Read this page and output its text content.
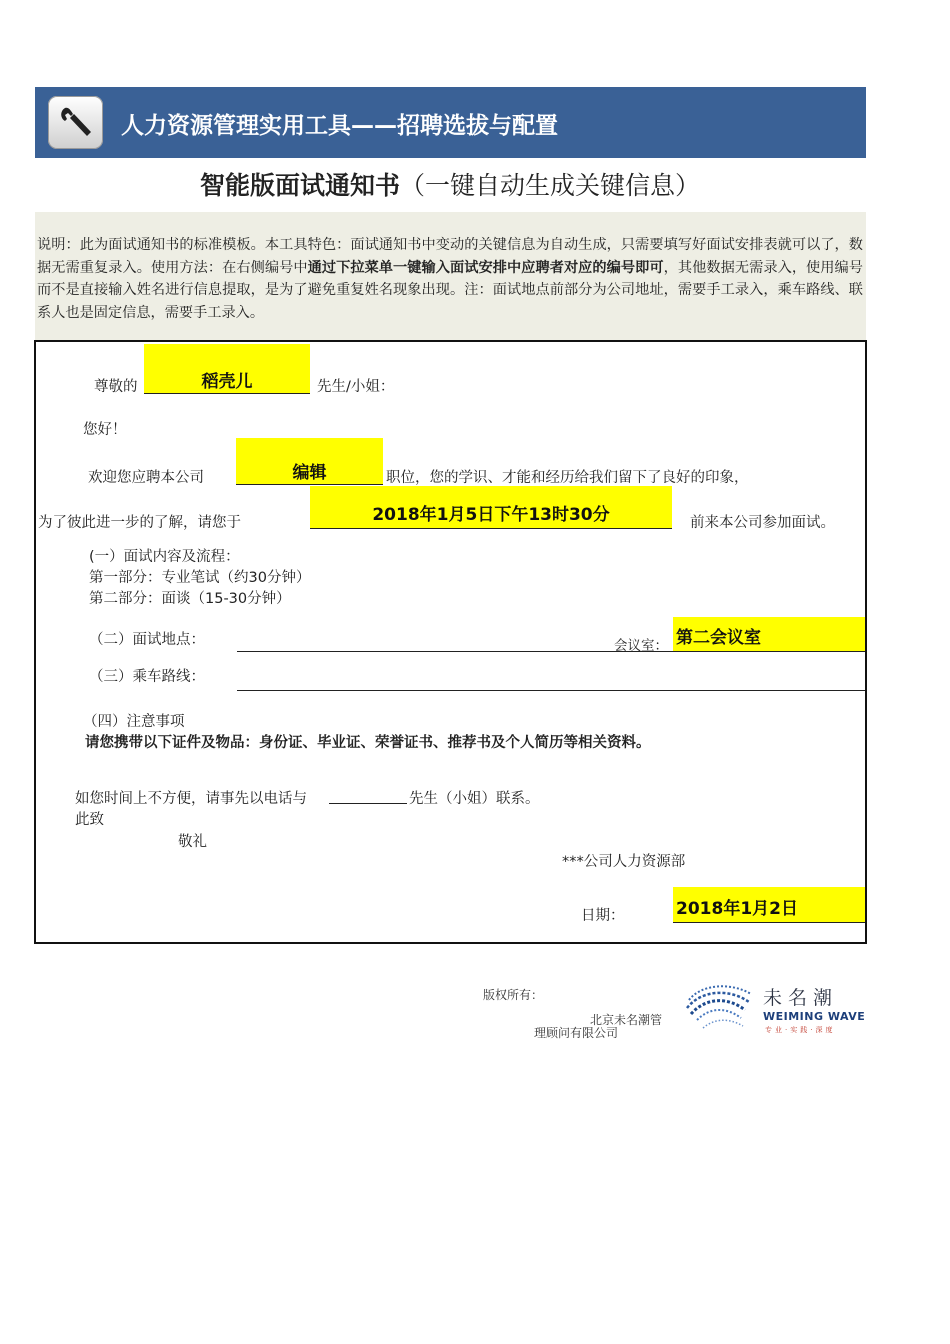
人力资源管理实用工具——招聘选拔与配置
智能版面试通知书（一键自动生成关键信息）
说明：此为面试通知书的标准模板。本工具特色：面试通知书中变动的关键信息为自动生成，只需要填写好面试安排表就可以了，数据无需重复录入。使用方法：在右侧编号中通过下拉菜单一键输入面试安排中应聘者对应的编号即可，其他数据无需录入，使用编号而不是直接输入姓名进行信息提取，是为了避免重复姓名现象出现。注：面试地点前部分为公司地址，需要手工录入，乘车路线、联系人也是固定信息，需要手工录入。
尊敬的	稻壳儿	先生/小姐：
您好！
欢迎您应聘本公司	编辑	职位，您的学识、才能和经历给我们留下了良好的印象，
为了彼此进一步的了解，请您于	2018年1月5日下午13时30分	前来本公司参加面试。
(一）面试内容及流程：
第一部分：专业笔试（约30分钟）
第二部分：面谈（15-30分钟）
（二）面试地点：	会议室： 第二会议室
（三）乘车路线：
（四）注意事项
请您携带以下证件及物品：身份证、毕业证、荣誉证书、推荐书及个人简历等相关资料。
如您时间上不方便，请事先以电话与	先生（小姐）联系。
此致
敬礼
***公司人力资源部
日期：	2018年1月2日
版权所有：
北京未名潮管
理顾问有限公司
未名潮
WEIMING WAVE
专业·实践·深度
